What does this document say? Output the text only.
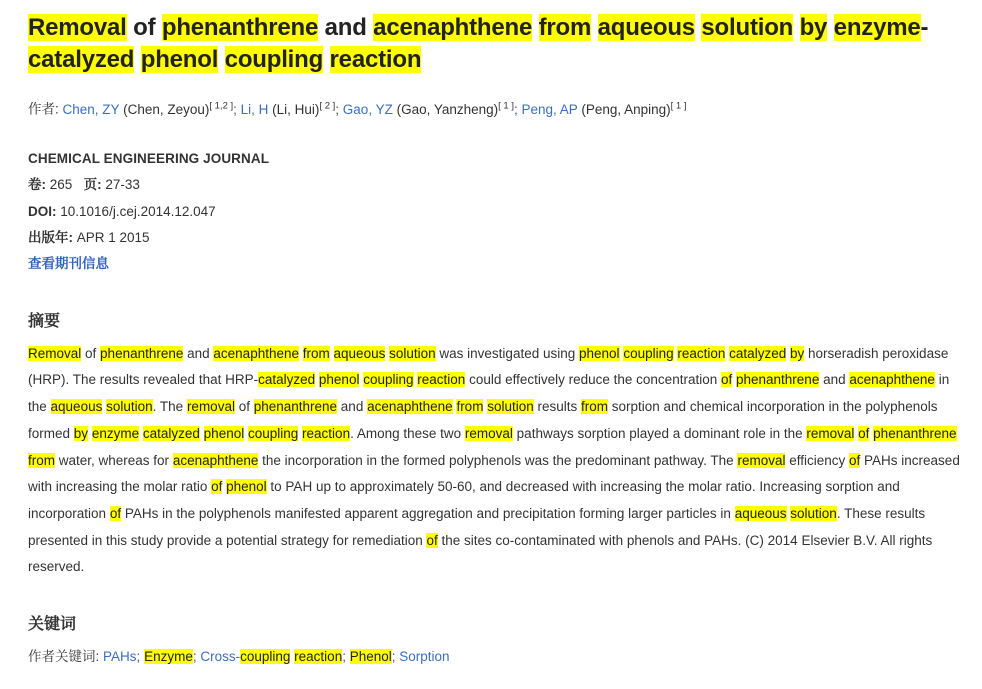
Removal of phenanthrene and acenaphthene from aqueous solution by enzyme-catalyzed phenol coupling reaction
作者: Chen, ZY (Chen, Zeyou)[ 1,2 ]; Li, H (Li, Hui)[ 2 ]; Gao, YZ (Gao, Yanzheng)[ 1 ]; Peng, AP (Peng, Anping)[ 1 ]
CHEMICAL ENGINEERING JOURNAL
卷: 265 页: 27-33
DOI: 10.1016/j.cej.2014.12.047
出版年: APR 1 2015
查看期刊信息
摘要
Removal of phenanthrene and acenaphthene from aqueous solution was investigated using phenol coupling reaction catalyzed by horseradish peroxidase (HRP). The results revealed that HRP-catalyzed phenol coupling reaction could effectively reduce the concentration of phenanthrene and acenaphthene in the aqueous solution. The removal of phenanthrene and acenaphthene from solution results from sorption and chemical incorporation in the polyphenols formed by enzyme catalyzed phenol coupling reaction. Among these two removal pathways sorption played a dominant role in the removal of phenanthrene from water, whereas for acenaphthene the incorporation in the formed polyphenols was the predominant pathway. The removal efficiency of PAHs increased with increasing the molar ratio of phenol to PAH up to approximately 50-60, and decreased with increasing the molar ratio. Increasing sorption and incorporation of PAHs in the polyphenols manifested apparent aggregation and precipitation forming larger particles in aqueous solution. These results presented in this study provide a potential strategy for remediation of the sites co-contaminated with phenols and PAHs. (C) 2014 Elsevier B.V. All rights reserved.
关键词
作者关键词: PAHs; Enzyme; Cross-coupling reaction; Phenol; Sorption
